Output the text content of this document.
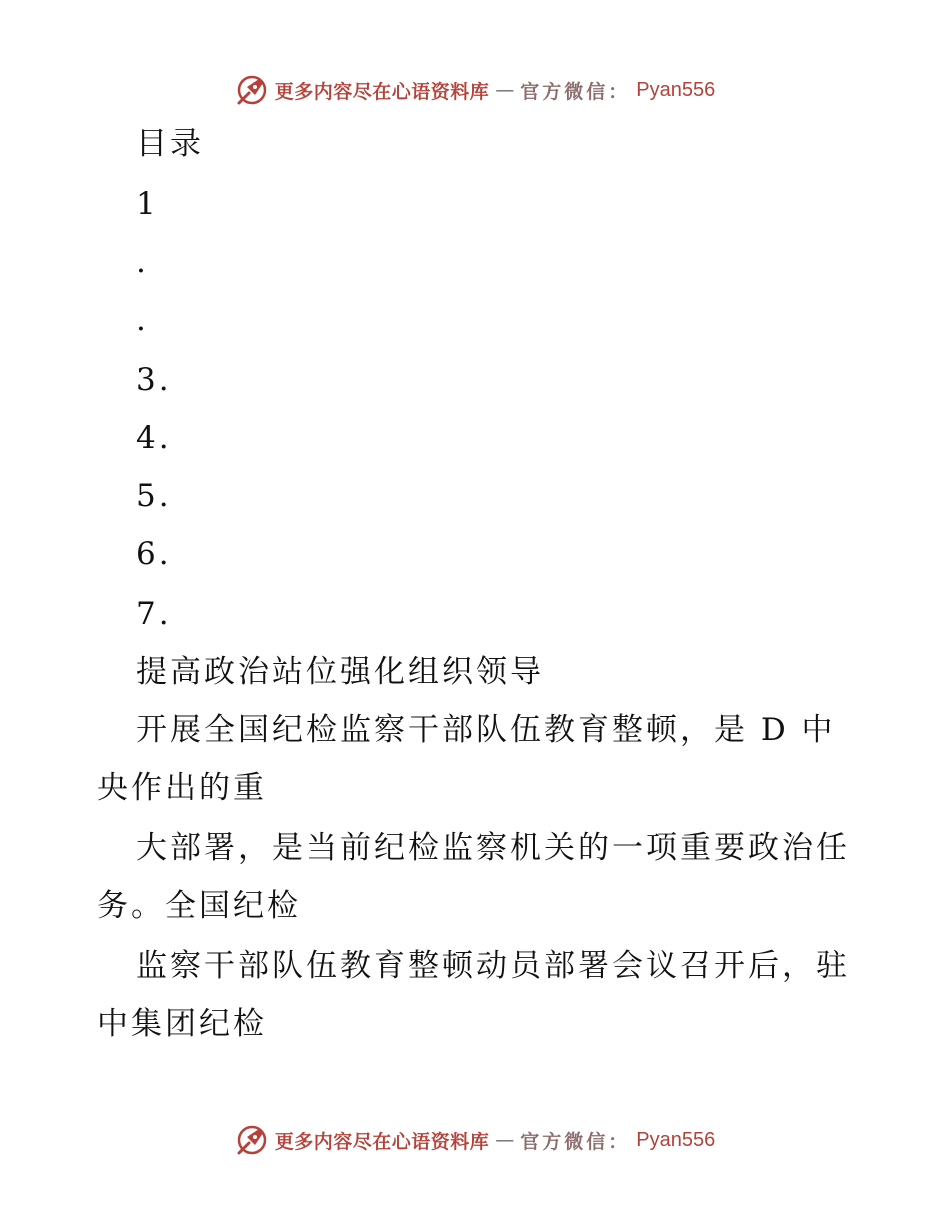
更多内容尽在心语资料库 — 官方微信： Pyan556
目录
1
.
.
3.
4.
5.
6.
7.
提高政治站位强化组织领导
开展全国纪检监察干部队伍教育整顿，是 D 中
央作出的重
大部署，是当前纪检监察机关的一项重要政治任
务。全国纪检
监察干部队伍教育整顿动员部署会议召开后，驻
中集团纪检
更多内容尽在心语资料库 — 官方微信： Pyan556
